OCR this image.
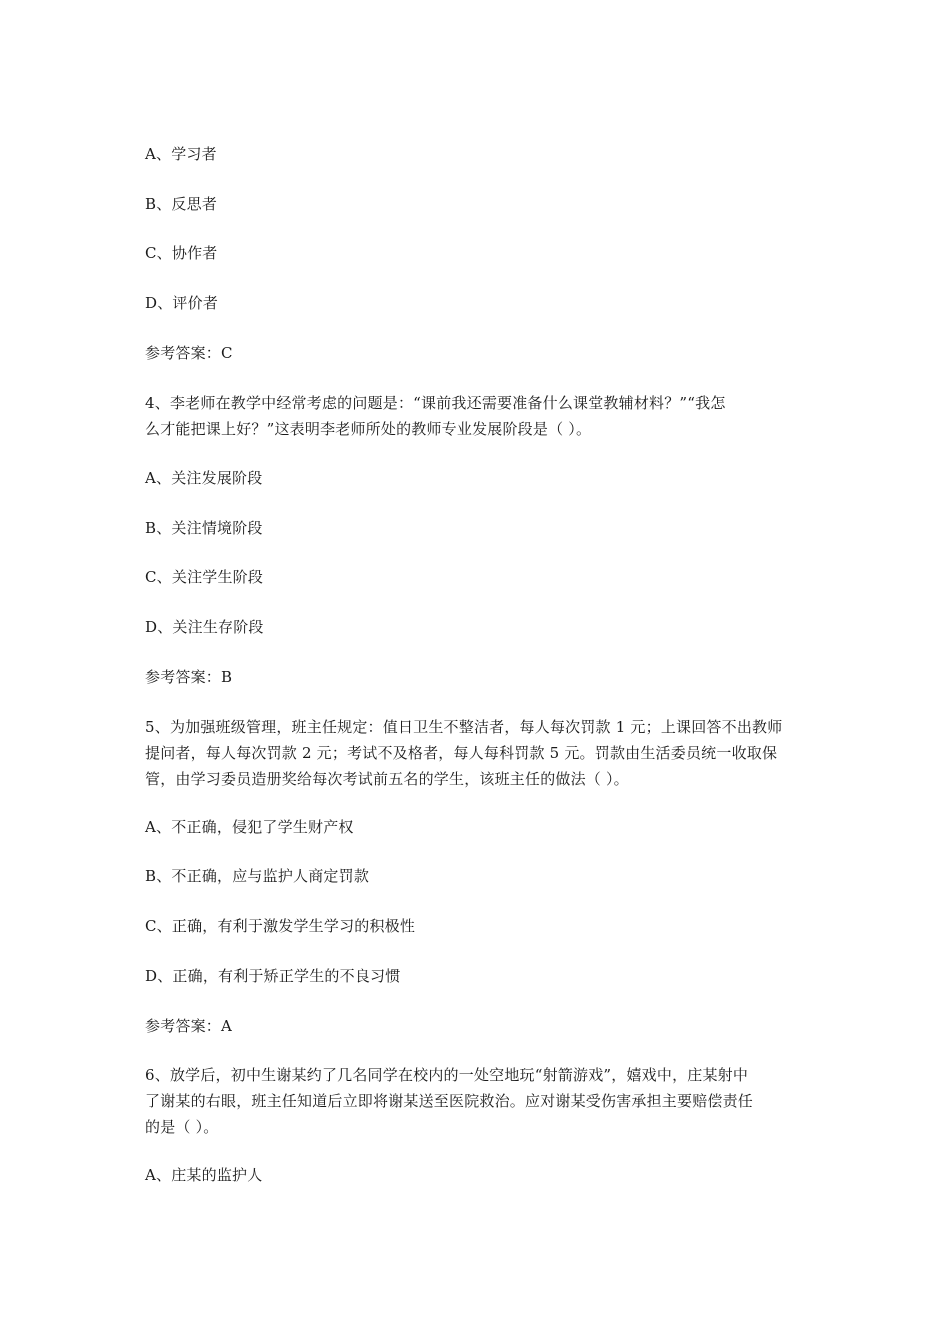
A、学习者

B、反思者

C、协作者

D、评价者

参考答案：C

4、李老师在教学中经常考虑的问题是：“课前我还需要准备什么课堂教辅材料？”“我怎
么才能把课上好？”这表明李老师所处的教师专业发展阶段是（ ）。

A、关注发展阶段

B、关注情境阶段

C、关注学生阶段

D、关注生存阶段

参考答案：B

5、为加强班级管理，班主任规定：值日卫生不整洁者，每人每次罚款 1 元；上课回答不出教师
提问者，每人每次罚款 2 元；考试不及格者，每人每科罚款 5 元。罚款由生活委员统一收取保
管，由学习委员造册奖给每次考试前五名的学生，该班主任的做法（ ）。

A、不正确，侵犯了学生财产权

B、不正确，应与监护人商定罚款

C、正确，有利于激发学生学习的积极性

D、正确，有利于矫正学生的不良习惯

参考答案：A

6、放学后，初中生谢某约了几名同学在校内的一处空地玩“射箭游戏”，嬉戏中，庄某射中
了谢某的右眼，班主任知道后立即将谢某送至医院救治。应对谢某受伤害承担主要赔偿责任
的是（ ）。

A、庄某的监护人
